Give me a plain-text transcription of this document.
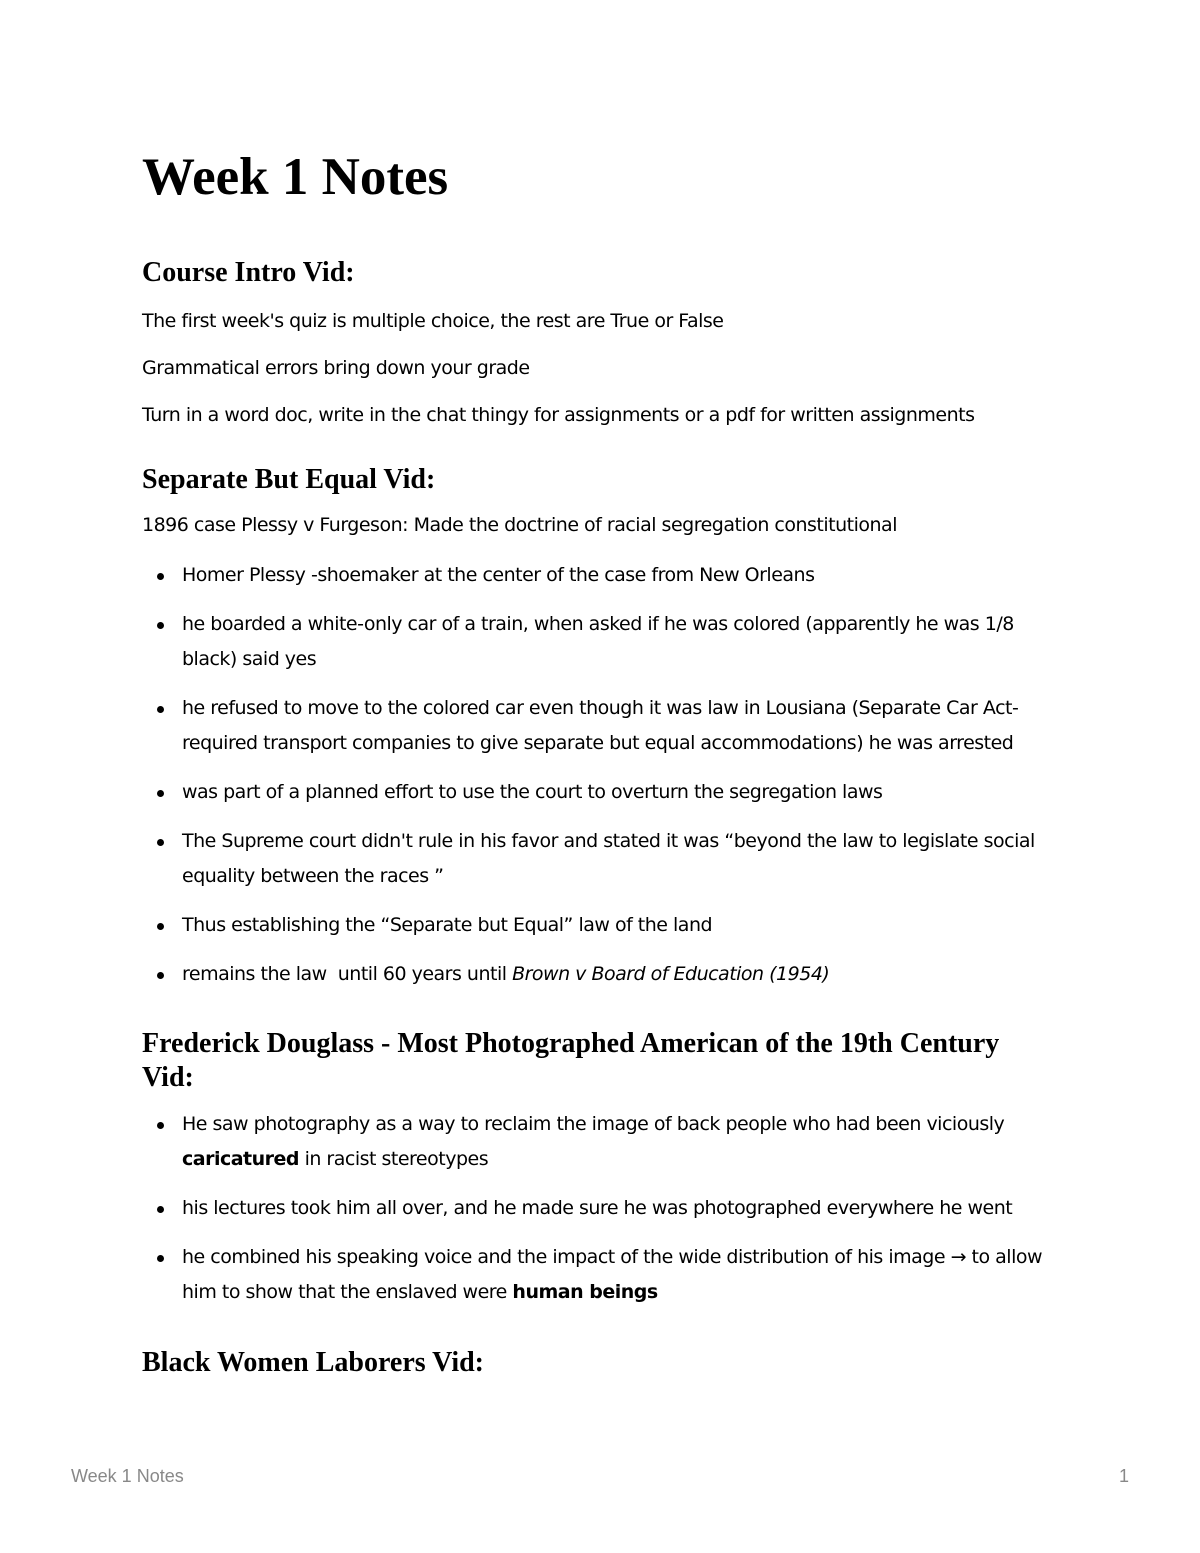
Week 1 Notes
Course Intro Vid:

The first week's quiz is multiple choice, the rest are True or False

Grammatical errors bring down your grade

Turn in a word doc, write in the chat thingy for assignments or a pdf for written assignments

Separate But Equal Vid:

1896 case Plessy v Furgeson: Made the doctrine of racial segregation constitutional

Homer Plessy -shoemaker at the center of the case from New Orleans
he boarded a white-only car of a train, when asked if he was colored (apparently he was 1/8 black) said yes
he refused to move to the colored car even though it was law in Lousiana (Separate Car Act- required transport companies to give separate but equal accommodations) he was arrested
was part of a planned effort to use the court to overturn the segregation laws
The Supreme court didn't rule in his favor and stated it was “beyond the law to legislate social equality between the races ”
Thus establishing the “Separate but Equal” law of the land
remains the law  until 60 years until Brown v Board of Education (1954)
Frederick Douglass - Most Photographed American of the 19th Century Vid:
He saw photography as a way to reclaim the image of back people who had been viciously caricatured in racist stereotypes
his lectures took him all over, and he made sure he was photographed everywhere he went
he combined his speaking voice and the impact of the wide distribution of his image → to allow him to show that the enslaved were human beings
Black Women Laborers Vid:
Week 1 Notes	1
